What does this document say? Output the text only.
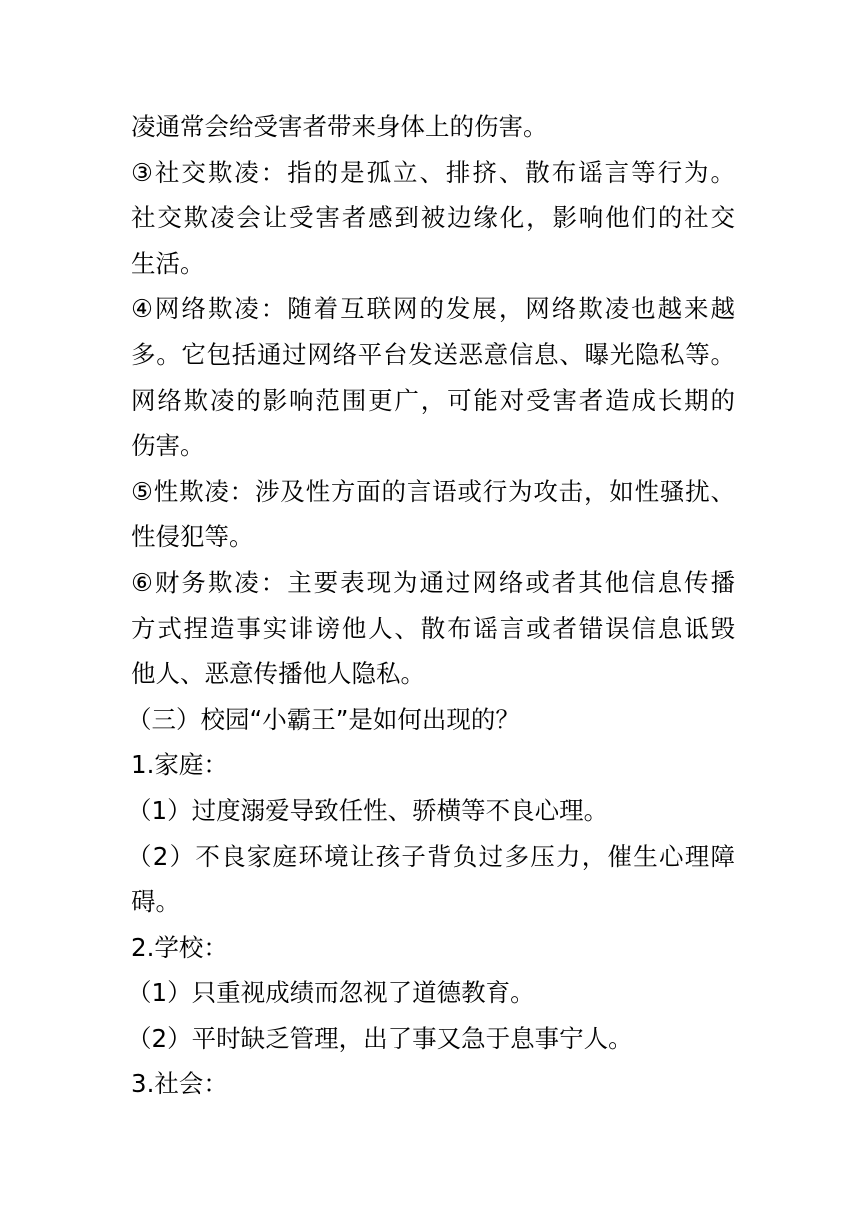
凌通常会给受害者带来身体上的伤害。
③社交欺凌：指的是孤立、排挤、散布谣言等行为。
社交欺凌会让受害者感到被边缘化，影响他们的社交
生活。
④网络欺凌：随着互联网的发展，网络欺凌也越来越
多。它包括通过网络平台发送恶意信息、曝光隐私等。
网络欺凌的影响范围更广，可能对受害者造成长期的
伤害。
⑤性欺凌：涉及性方面的言语或行为攻击，如性骚扰、
性侵犯等。
⑥财务欺凌：主要表现为通过网络或者其他信息传播
方式捏造事实诽谤他人、散布谣言或者错误信息诋毁
他人、恶意传播他人隐私。
（三）校园“小霸王”是如何出现的？
1.家庭：
（1）过度溺爱导致任性、骄横等不良心理。
（2）不良家庭环境让孩子背负过多压力，催生心理障
碍。
2.学校：
（1）只重视成绩而忽视了道德教育。
（2）平时缺乏管理，出了事又急于息事宁人。
3.社会：
